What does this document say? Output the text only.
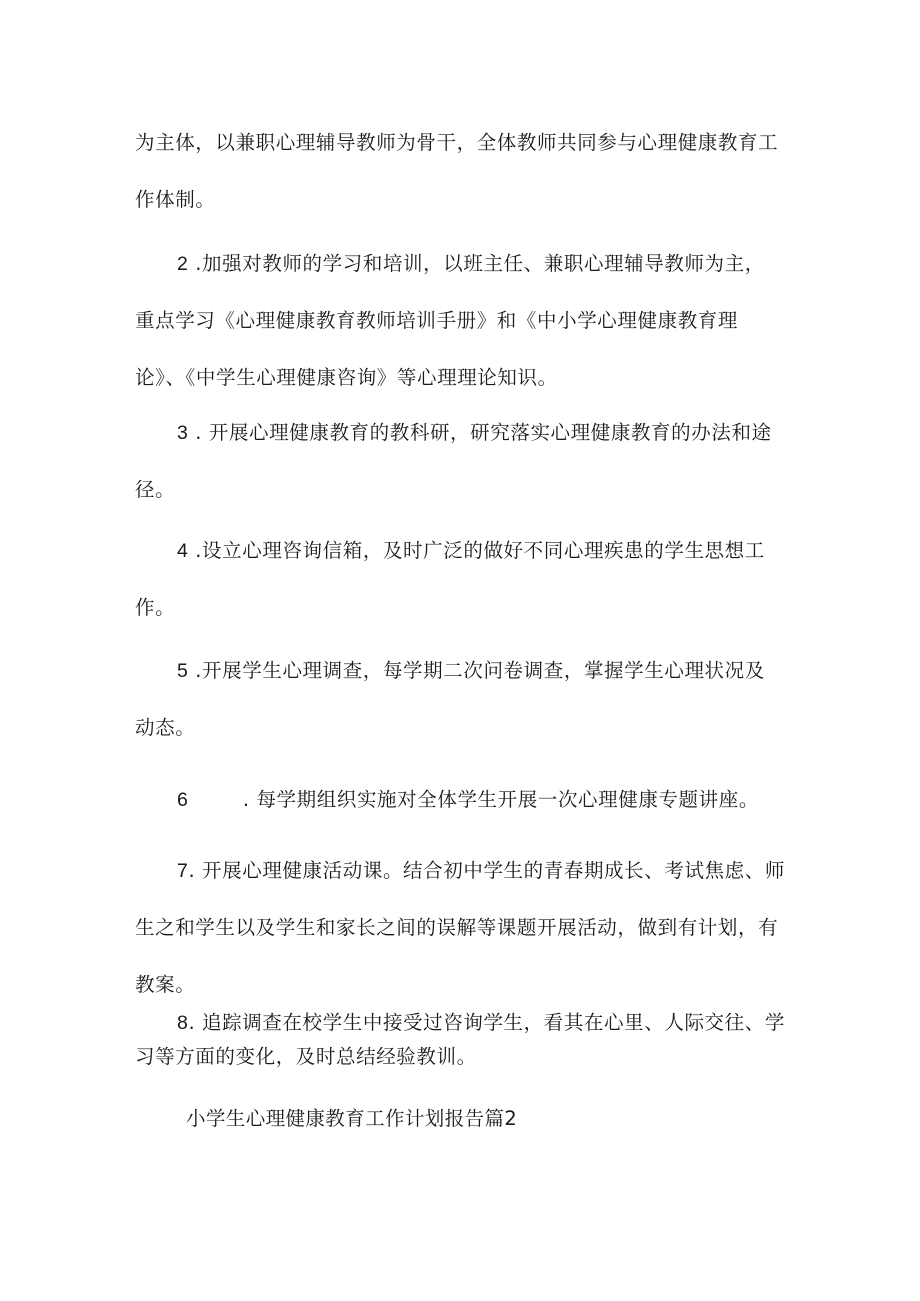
为主体，以兼职心理辅导教师为骨干，全体教师共同参与心理健康教育工
作体制。
2 .加强对教师的学习和培训，以班主任、兼职心理辅导教师为主，
重点学习《心理健康教育教师培训手册》和《中小学心理健康教育理
论》、《中学生心理健康咨询》等心理理论知识。
3 . 开展心理健康教育的教科研，研究落实心理健康教育的办法和途
径。
4 .设立心理咨询信箱，及时广泛的做好不同心理疾患的学生思想工
作。
5 .开展学生心理调查，每学期二次问卷调查，掌握学生心理状况及
动态。
6        . 每学期组织实施对全体学生开展一次心理健康专题讲座。
7. 开展心理健康活动课。结合初中学生的青春期成长、考试焦虑、师
生之和学生以及学生和家长之间的误解等课题开展活动，做到有计划，有
教案。
8. 追踪调查在校学生中接受过咨询学生，看其在心里、人际交往、学
习等方面的变化，及时总结经验教训。
小学生心理健康教育工作计划报告篇2
